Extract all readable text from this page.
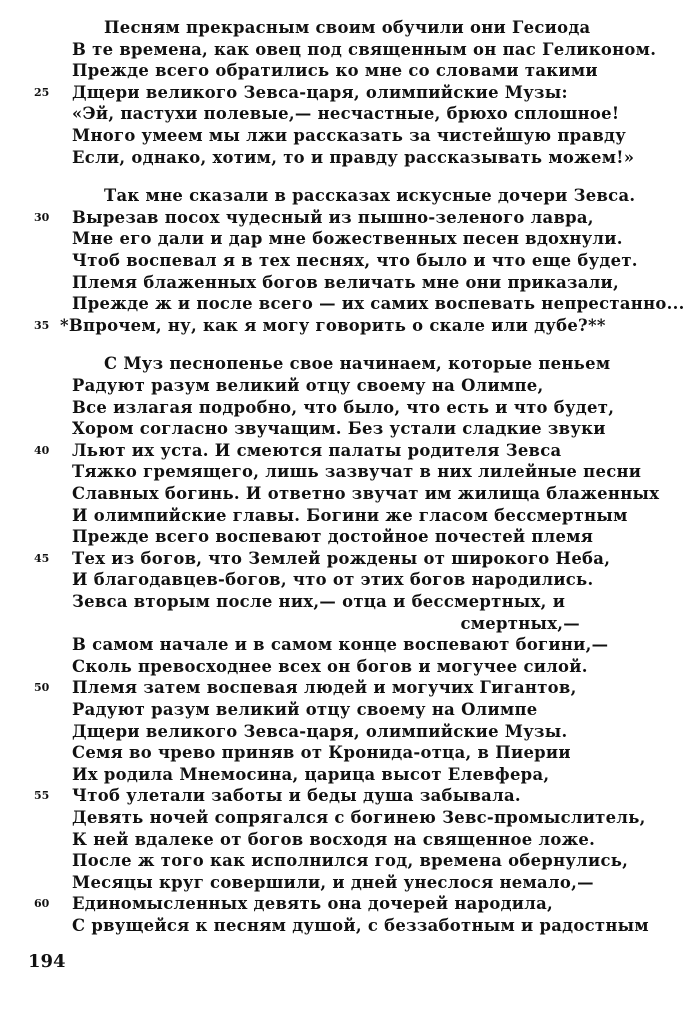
Песням прекрасным своим обучили они Гесиода
В те времена, как овец под священным он пас Геликоном.
Прежде всего обратились ко мне со словами такими
Дщери великого Зевса-царя, олимпийские Музы:
«Эй, пастухи полевые,— несчастные, брюхо сплошное!
Много умеем мы лжи рассказать за чистейшую правду
Если, однако, хотим, то и правду рассказывать можем!»
Так мне сказали в рассказах искусные дочери Зевса.
Вырезав посох чудесный из пышно-зеленого лавра,
Мне его дали и дар мне божественных песен вдохнули.
Чтоб воспевал я в тех песнях, что было и что еще будет.
Племя блаженных богов величать мне они приказали,
Прежде ж и после всего — их самих воспевать непрестанно...
*Впрочем, ну, как я могу говорить о скале или дубе?**
С Муз песнопенье свое начинаем, которые пеньем
Радуют разум великий отцу своему на Олимпе,
Все излагая подробно, что было, что есть и что будет,
Хором согласно звучащим. Без устали сладкие звуки
Льют их уста. И смеются палаты родителя Зевса
Тяжко гремящего, лишь зазвучат в них лилейные песни
Славных богинь. И ответно звучат им жилища блаженных
И олимпийские главы. Богини же гласом бессмертным
Прежде всего воспевают достойное почестей племя
Тех из богов, что Землей рождены от широкого Неба,
И благодавцев-богов, что от этих богов народились.
Зевса вторым после них,— отца и бессмертных, и
смертных,—
В самом начале и в самом конце воспевают богини,—
Сколь превосходнее всех он богов и могучее силой.
Племя затем воспевая людей и могучих Гигантов,
Радуют разум великий отцу своему на Олимпе
Дщери великого Зевса-царя, олимпийские Музы.
Семя во чрево приняв от Кронида-отца, в Пиерии
Их родила Мнемосина, царица высот Елевфера,
Чтоб улетали заботы и беды душа забывала.
Девять ночей сопрягался с богинею Зевс-промыслитель,
К ней вдалеке от богов восходя на священное ложе.
После ж того как исполнился год, времена обернулись,
Месяцы круг совершили, и дней унеслося немало,—
Единомысленных девять она дочерей народила,
С рвущейся к песням душой, с беззаботным и радостным
25
30
35
40
45
50
55
60
194
